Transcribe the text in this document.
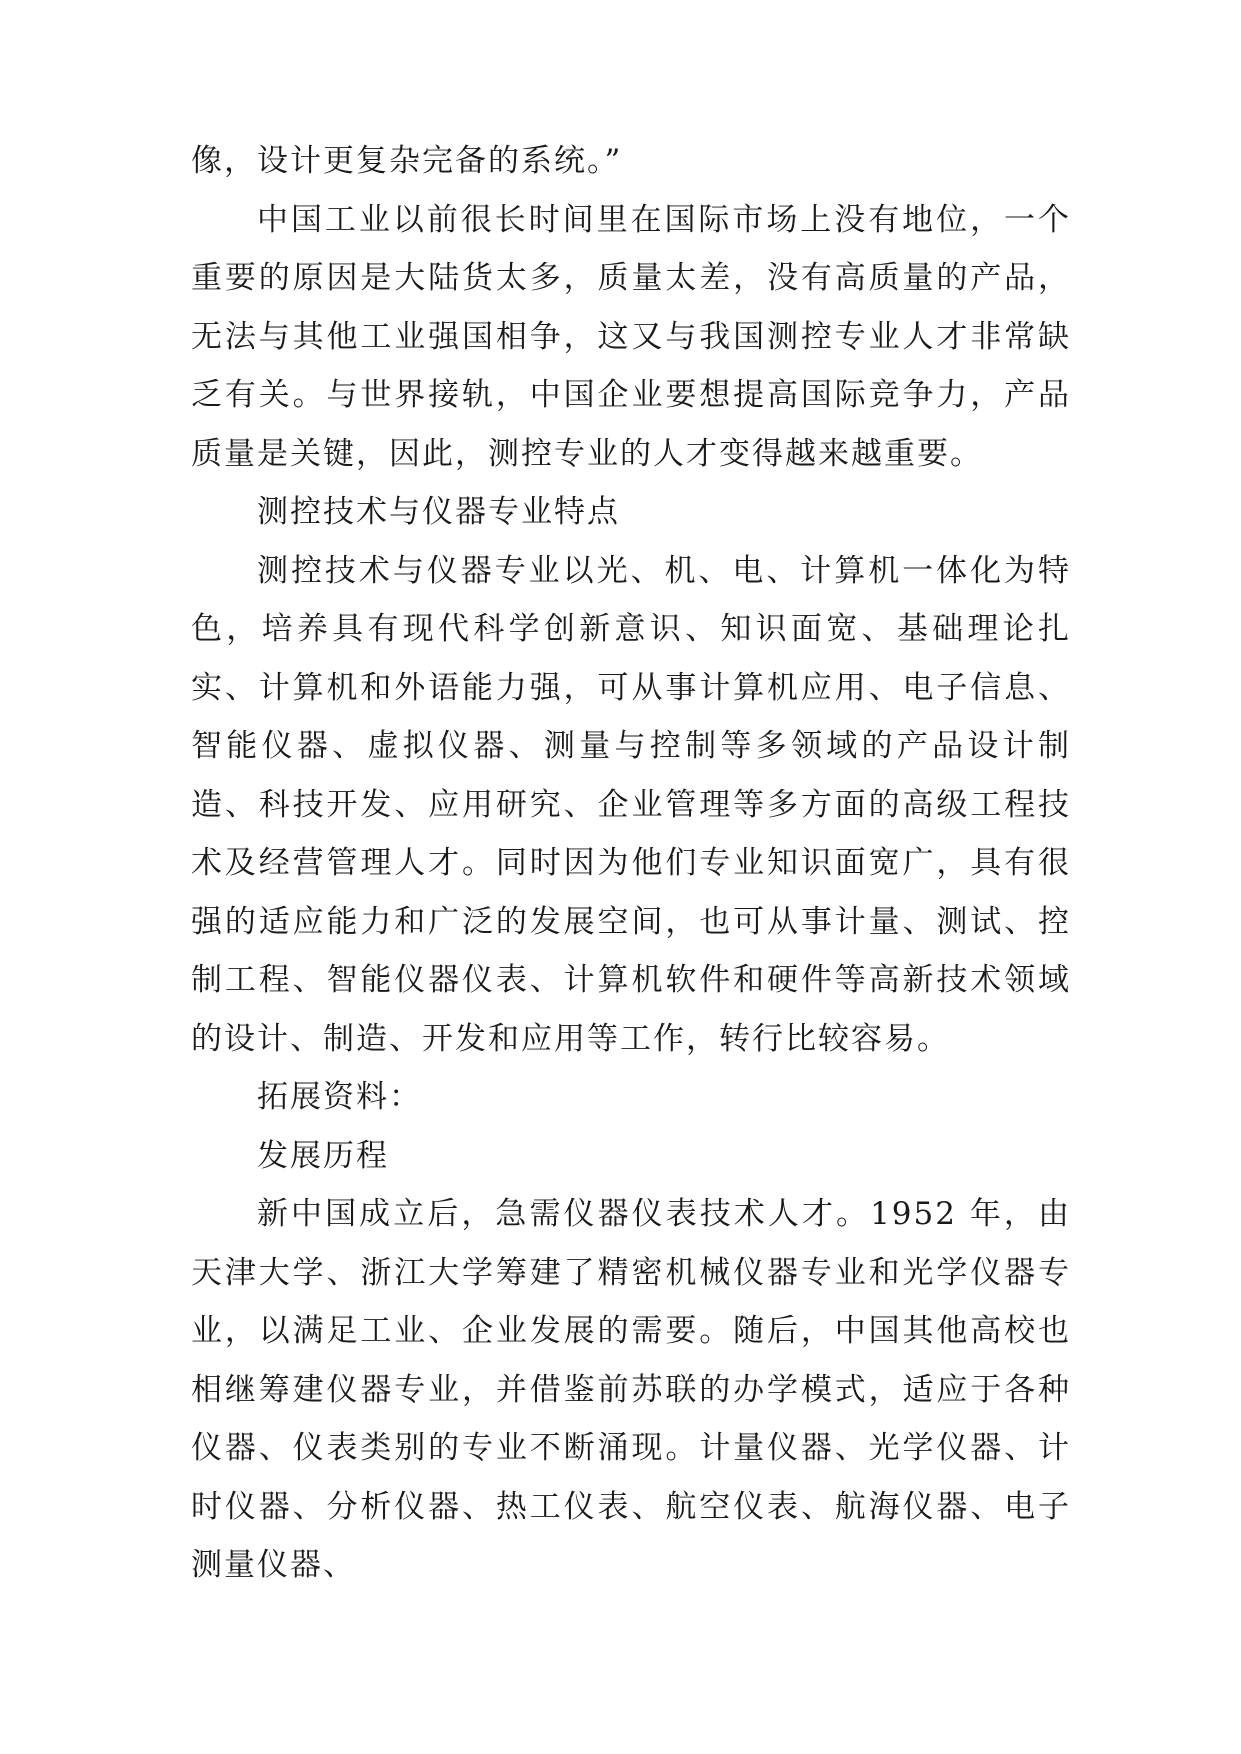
像，设计更复杂完备的系统。”

中国工业以前很长时间里在国际市场上没有地位，一个重要的原因是大陆货太多，质量太差，没有高质量的产品，无法与其他工业强国相争，这又与我国测控专业人才非常缺乏有关。与世界接轨，中国企业要想提高国际竞争力，产品质量是关键，因此，测控专业的人才变得越来越重要。

测控技术与仪器专业特点

测控技术与仪器专业以光、机、电、计算机一体化为特色，培养具有现代科学创新意识、知识面宽、基础理论扎实、计算机和外语能力强，可从事计算机应用、电子信息、智能仪器、虚拟仪器、测量与控制等多领域的产品设计制造、科技开发、应用研究、企业管理等多方面的高级工程技术及经营管理人才。同时因为他们专业知识面宽广，具有很强的适应能力和广泛的发展空间，也可从事计量、测试、控制工程、智能仪器仪表、计算机软件和硬件等高新技术领域的设计、制造、开发和应用等工作，转行比较容易。

拓展资料：

发展历程

新中国成立后，急需仪器仪表技术人才。1952 年，由天津大学、浙江大学筹建了精密机械仪器专业和光学仪器专业，以满足工业、企业发展的需要。随后，中国其他高校也相继筹建仪器专业，并借鉴前苏联的办学模式，适应于各种仪器、仪表类别的专业不断涌现。计量仪器、光学仪器、计时仪器、分析仪器、热工仪表、航空仪表、航海仪器、电子测量仪器、
